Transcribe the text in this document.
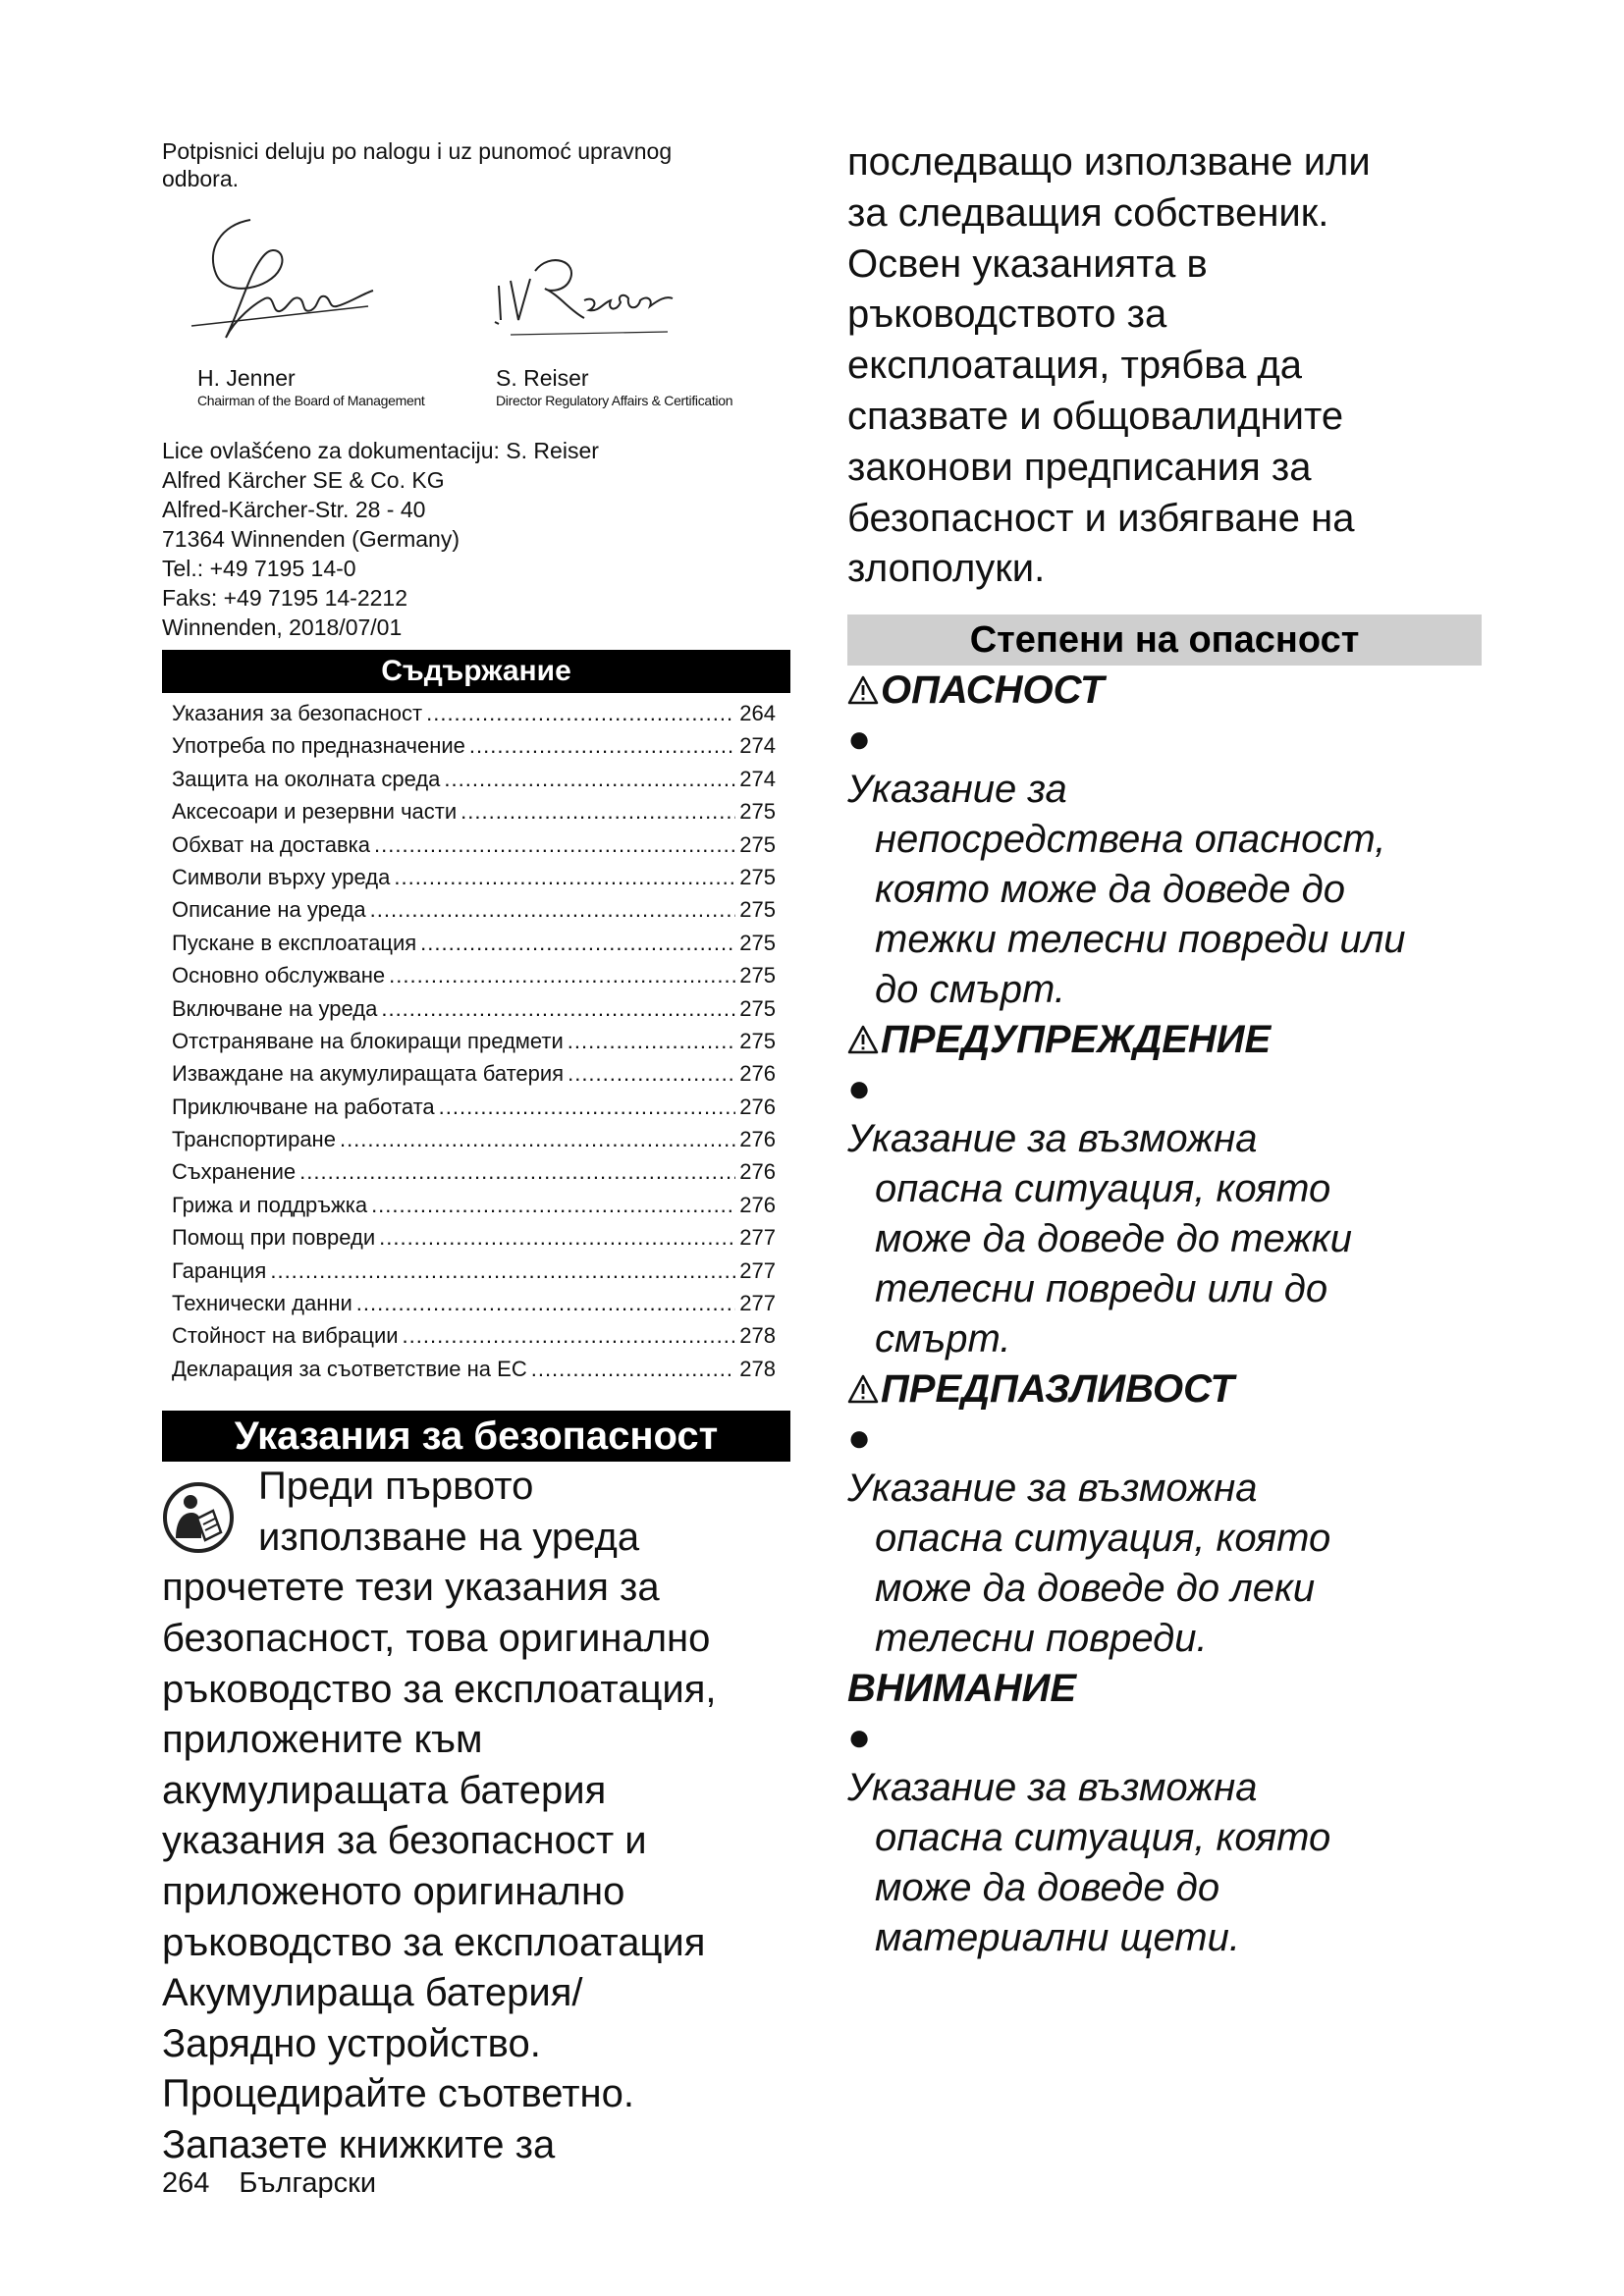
Potpisnici deluju po nalogu i uz punomoć upravnog
odbora.

H. Jenner
Chairman of the Board of Management
S. Reiser
Director Regulatory Affairs & Certification

Lice ovlašćeno za dokumentaciju: S. Reiser

Alfred Kärcher SE & Co. KG

Alfred-Kärcher-Str. 28 - 40

71364 Winnenden (Germany)

Tel.: +49 7195 14-0

Faks: +49 7195 14-2212

Winnenden, 2018/07/01

Съдържание
Указания за безопасност .....	264
Употреба по предназначение .....	274
Защита на околната среда .....	274
Аксесоари и резервни части .....	275
Обхват на доставка .....	275
Символи върху уреда .....	275
Описание на уреда .....	275
Пускане в експлоатация .....	275
Основно обслужване .....	275
Включване на уреда .....	275
Отстраняване на блокиращи предмети .....	275
Изваждане на акумулиращата батерия .....	276
Приключване на работата .....	276
Транспортиране .....	276
Съхранение .....	276
Грижа и поддръжка .....	276
Помощ при повреди .....	277
Гаранция .....	277
Технически данни .....	277
Стойност на вибрации .....	278
Декларация за съответствие на ЕС .....	278
Указания за безопасност

Преди първото
използване на уреда

прочетете тези указания за
безопасност, това оригинално
ръководство за експлоатация,
приложените към
акумулиращата батерия
указания за безопасност и
приложеното оригинално
ръководство за експлоатация
Акумулираща батерия/
Зарядно устройство.
Процедирайте съответно.
Запазете книжките за

последващо използване или
за следващия собственик.
Освен указанията в
ръководството за
експлоатация, трябва да
спазвате и общовалидните
законови предписания за
безопасност и избягване на
злополуки.

Степени на опасност

ОПАСНОСТ

●
Указание за
непосредствена опасност,
която може да доведе до
тежки телесни повреди или
до смърт.

ПРЕДУПРЕЖДЕНИЕ

●
Указание за възможна
опасна ситуация, която
може да доведе до тежки
телесни повреди или до
смърт.

ПРЕДПАЗЛИВОСТ

●
Указание за възможна
опасна ситуация, която
може да доведе до леки
телесни повреди.

ВНИМАНИЕ

●
Указание за възможна
опасна ситуация, която
може да доведе до
материални щети.

264 Български
